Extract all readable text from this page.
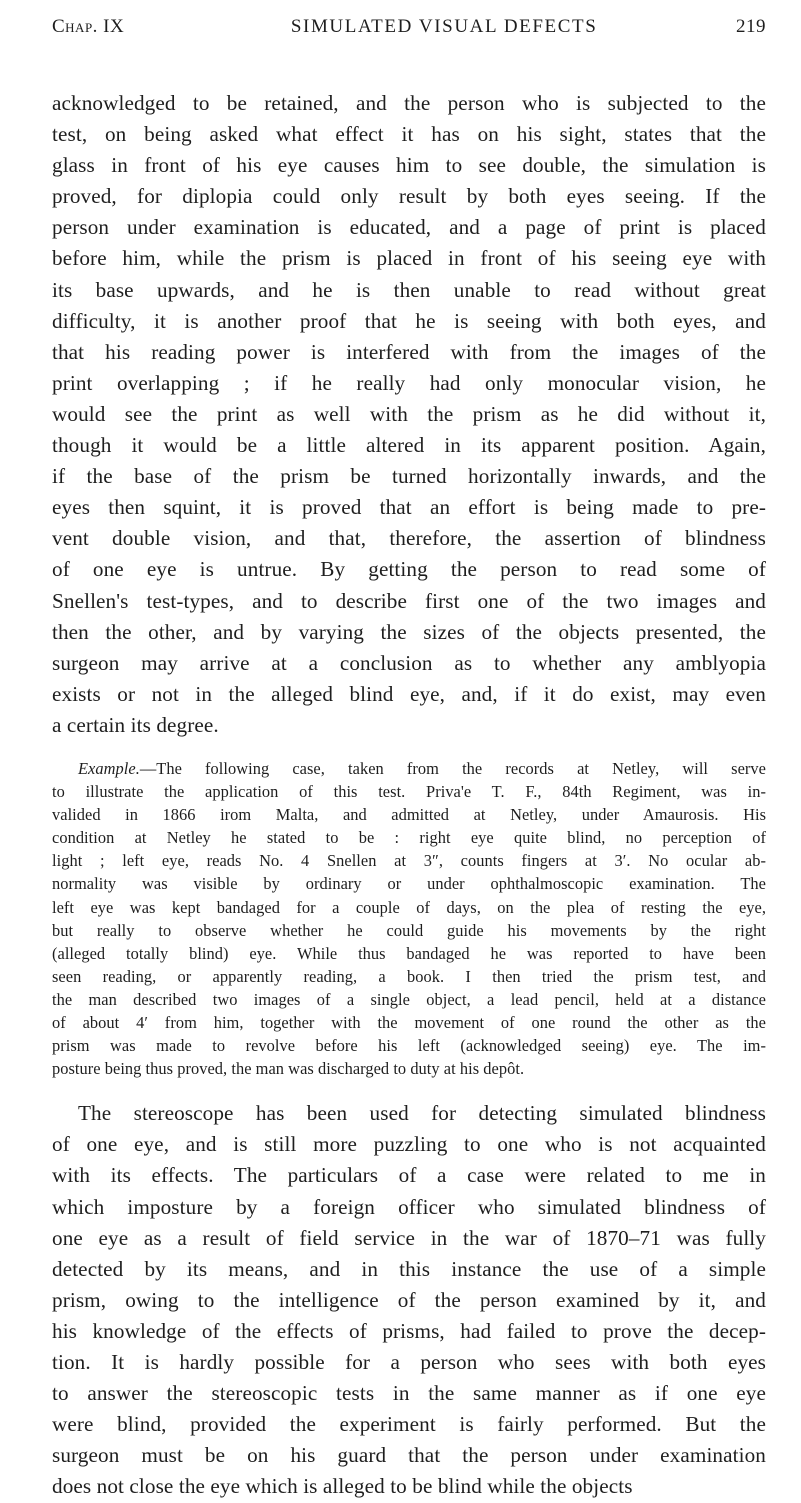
Chap. IX	SIMULATED VISUAL DEFECTS	219
acknowledged to be retained, and the person who is subjected to the
test, on being asked what effect it has on his sight, states that the
glass in front of his eye causes him to see double, the simulation is
proved, for diplopia could only result by both eyes seeing. If the
person under examination is educated, and a page of print is placed
before him, while the prism is placed in front of his seeing eye with
its base upwards, and he is then unable to read without great
difficulty, it is another proof that he is seeing with both eyes, and
that his reading power is interfered with from the images of the
print overlapping ; if he really had only monocular vision, he
would see the print as well with the prism as he did without it,
though it would be a little altered in its apparent position. Again,
if the base of the prism be turned horizontally inwards, and the
eyes then squint, it is proved that an effort is being made to pre-
vent double vision, and that, therefore, the assertion of blindness
of one eye is untrue. By getting the person to read some of
Snellen's test-types, and to describe first one of the two images and
then the other, and by varying the sizes of the objects presented, the
surgeon may arrive at a conclusion as to whether any amblyopia
exists or not in the alleged blind eye, and, if it do exist, may even
a certain its degree.
Example.—The following case, taken from the records at Netley, will serve
to illustrate the application of this test. Priva'e T. F., 84th Regiment, was in-
valided in 1866 irom Malta, and admitted at Netley, under Amaurosis. His
condition at Netley he stated to be : right eye quite blind, no perception of
light ; left eye, reads No. 4 Snellen at 3″, counts fingers at 3′. No ocular ab-
normality was visible by ordinary or under ophthalmoscopic examination. The
left eye was kept bandaged for a couple of days, on the plea of resting the eye,
but really to observe whether he could guide his movements by the right
(alleged totally blind) eye. While thus bandaged he was reported to have been
seen reading, or apparently reading, a book. I then tried the prism test, and
the man described two images of a single object, a lead pencil, held at a distance
of about 4′ from him, together with the movement of one round the other as the
prism was made to revolve before his left (acknowledged seeing) eye. The im-
posture being thus proved, the man was discharged to duty at his depôt.
The stereoscope has been used for detecting simulated blindness
of one eye, and is still more puzzling to one who is not acquainted
with its effects. The particulars of a case were related to me in
which imposture by a foreign officer who simulated blindness of
one eye as a result of field service in the war of 1870–71 was fully
detected by its means, and in this instance the use of a simple
prism, owing to the intelligence of the person examined by it, and
his knowledge of the effects of prisms, had failed to prove the decep-
tion. It is hardly possible for a person who sees with both eyes
to answer the stereoscopic tests in the same manner as if one eye
were blind, provided the experiment is fairly performed. But the
surgeon must be on his guard that the person under examination
does not close the eye which is alleged to be blind while the objects
